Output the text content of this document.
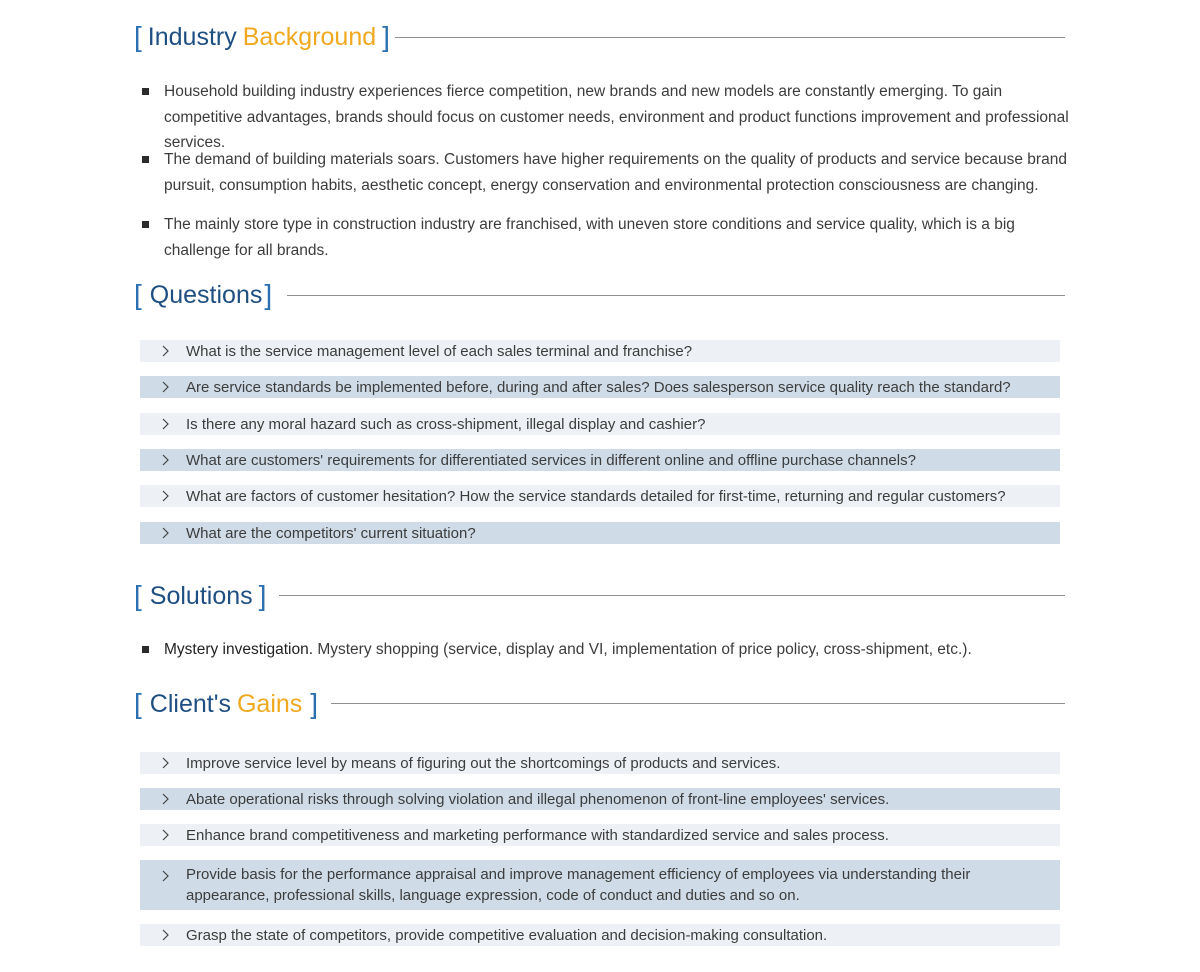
[ Industry Background ]
Household building industry experiences fierce competition, new brands and new models are constantly emerging. To gain competitive advantages, brands should focus on customer needs, environment and product functions improvement and professional services.
The demand of building materials soars. Customers have higher requirements on the quality of products and service because brand pursuit, consumption habits, aesthetic concept, energy conservation and environmental protection consciousness are changing.
The mainly store type in construction industry are franchised, with uneven store conditions and service quality, which is a big challenge for all brands.
[ Questions ]
What is the service management level of each sales terminal and franchise?
Are service standards be implemented before, during and after sales? Does salesperson service quality reach the standard?
Is there any moral hazard such as cross-shipment, illegal display and cashier?
What are customers' requirements for differentiated services in different online and offline purchase channels?
What are factors of customer hesitation? How the service standards detailed for first-time, returning and regular customers?
What are the competitors' current situation?
[ Solutions ]
Mystery investigation. Mystery shopping (service, display and VI, implementation of price policy, cross-shipment, etc.).
[ Client's Gains ]
Improve service level by means of figuring out the shortcomings of products and services.
Abate operational risks through solving violation and illegal phenomenon of front-line employees' services.
Enhance brand competitiveness and marketing performance with standardized service and sales process.
Provide basis for the performance appraisal and improve management efficiency of employees via understanding their appearance, professional skills, language expression, code of conduct and duties and so on.
Grasp the state of competitors, provide competitive evaluation and decision-making consultation.
